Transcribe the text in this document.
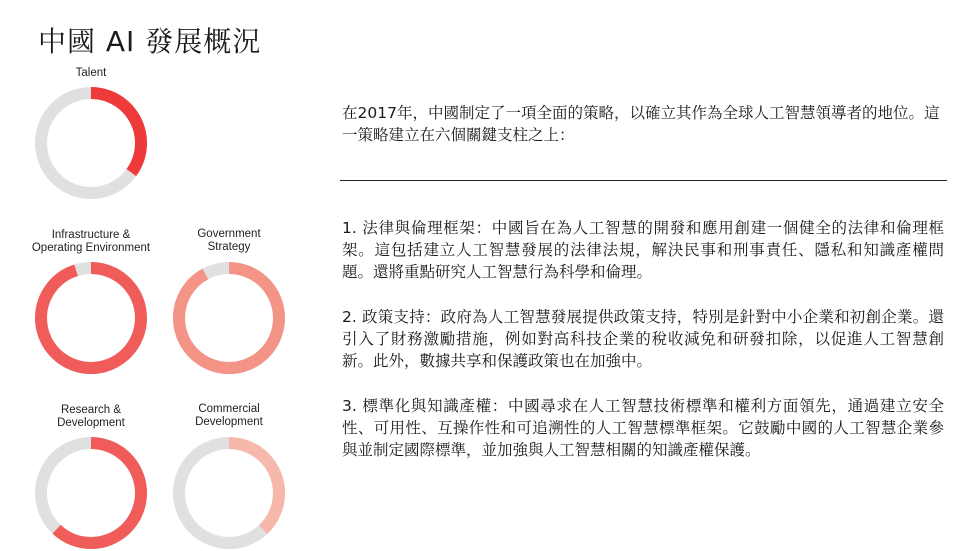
中國 AI 發展概況
Talent
Infrastructure &
Operating Environment
Government
Strategy
Research &
Development
Commercial
Development
在2017年，中國制定了一項全面的策略，以確立其作為全球人工智慧領導者的地位。這一策略建立在六個關鍵支柱之上：
1. 法律與倫理框架：中國旨在為人工智慧的開發和應用創建一個健全的法律和倫理框架。這包括建立人工智慧發展的法律法規，解決民事和刑事責任、隱私和知識產權問題。還將重點研究人工智慧行為科學和倫理。
2. 政策支持：政府為人工智慧發展提供政策支持，特別是針對中小企業和初創企業。還引入了財務激勵措施，例如對高科技企業的稅收減免和研發扣除，以促進人工智慧創新。此外，數據共享和保護政策也在加強中。
3. 標準化與知識產權：中國尋求在人工智慧技術標準和權利方面領先，通過建立安全性、可用性、互操作性和可追溯性的人工智慧標準框架。它鼓勵中國的人工智慧企業參與並制定國際標準，並加強與人工智慧相關的知識產權保護。
